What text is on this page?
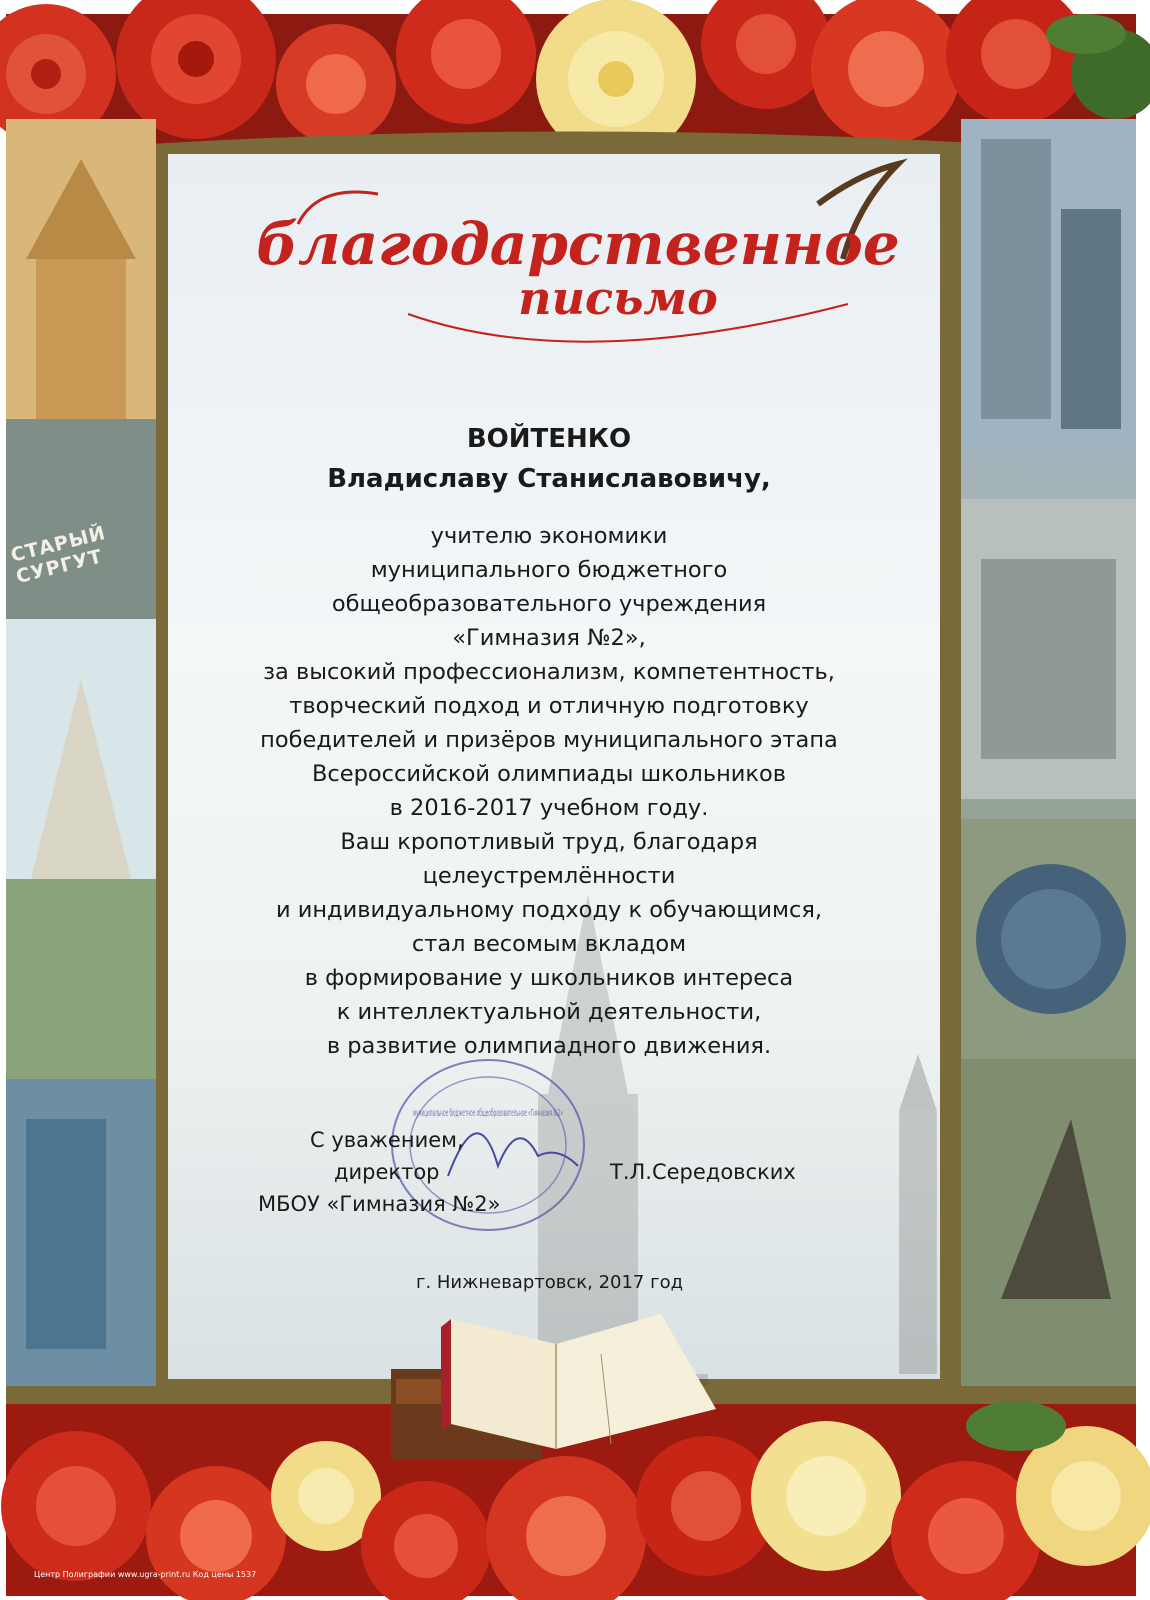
СТАРЫЙ СУРГУТ
благодарственное
письмо
ВОЙТЕНКО
Владиславу Станиславовичу,
учителю экономики
муниципального бюджетного
общеобразовательного учреждения
«Гимназия №2»,
за высокий профессионализм, компетентность,
творческий подход и отличную подготовку
победителей и призёров муниципального этапа
Всероссийской олимпиады школьников
в 2016-2017 учебном году.
Ваш кропотливый труд, благодаря
целеустремлённости
и индивидуальному подходу к обучающимся,
стал весомым вкладом
в формирование у школьников интереса
к интеллектуальной деятельности,
в развитие олимпиадного движения.
муниципальное бюджетное общеобразовательное «Гимназия №2»
С уважением,
директор
МБОУ «Гимназия №2»
Т.Л.Середовских
г. Нижневартовск, 2017 год
Центр Полиграфии www.ugra-print.ru Код цены 1537
